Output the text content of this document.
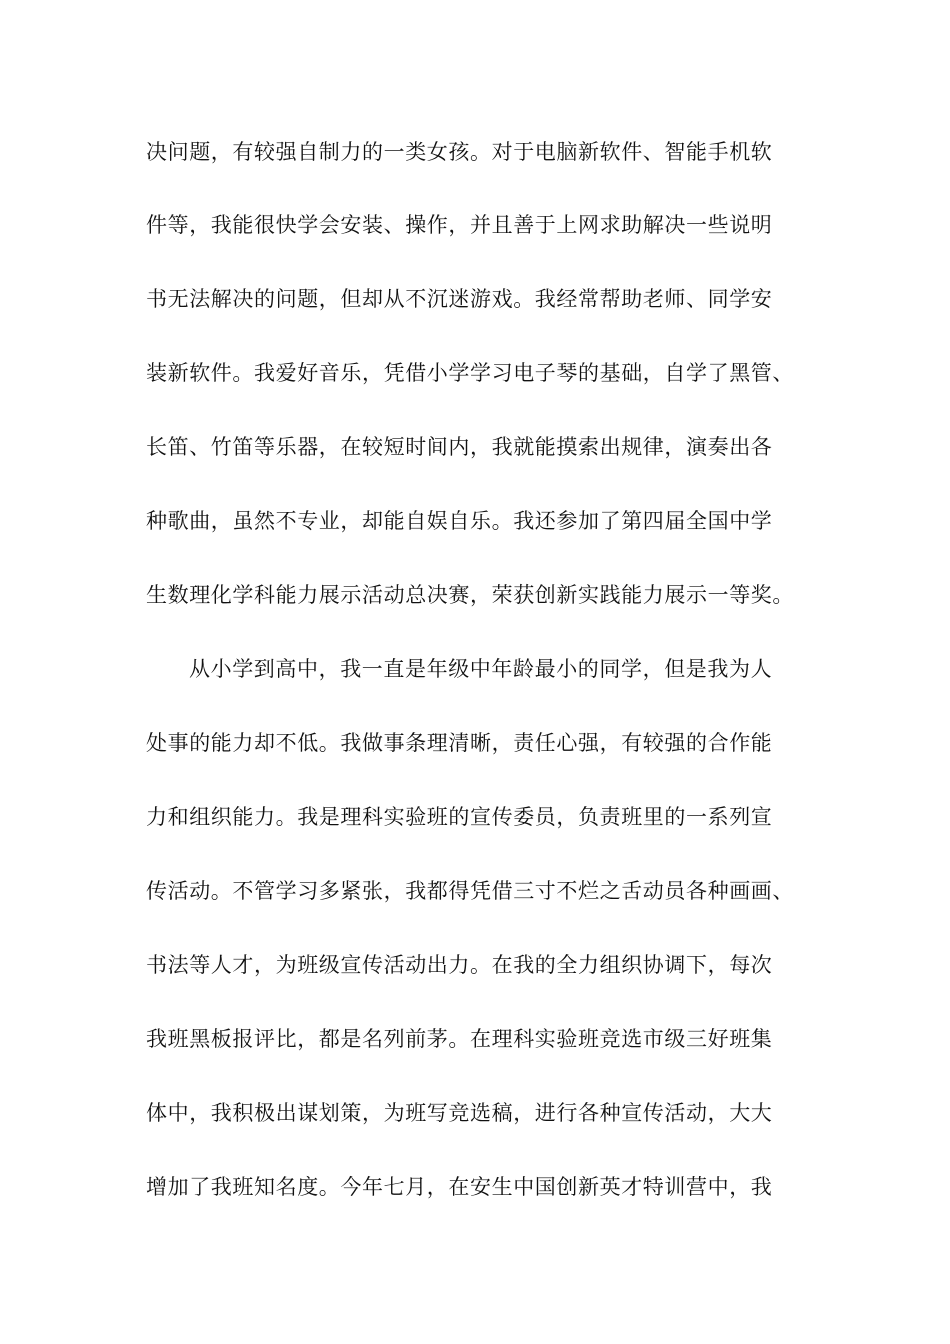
决问题，有较强自制力的一类女孩。对于电脑新软件、智能手机软

件等，我能很快学会安装、操作，并且善于上网求助解决一些说明

书无法解决的问题，但却从不沉迷游戏。我经常帮助老师、同学安

装新软件。我爱好音乐，凭借小学学习电子琴的基础，自学了黑管、

长笛、竹笛等乐器，在较短时间内，我就能摸索出规律，演奏出各

种歌曲，虽然不专业，却能自娱自乐。我还参加了第四届全国中学

生数理化学科能力展示活动总决赛，荣获创新实践能力展示一等奖。

从小学到高中，我一直是年级中年龄最小的同学，但是我为人

处事的能力却不低。我做事条理清晰，责任心强，有较强的合作能

力和组织能力。我是理科实验班的宣传委员，负责班里的一系列宣

传活动。不管学习多紧张，我都得凭借三寸不烂之舌动员各种画画、

书法等人才，为班级宣传活动出力。在我的全力组织协调下，每次

我班黑板报评比，都是名列前茅。在理科实验班竞选市级三好班集

体中，我积极出谋划策，为班写竞选稿，进行各种宣传活动，大大

增加了我班知名度。今年七月，在安生中国创新英才特训营中，我
